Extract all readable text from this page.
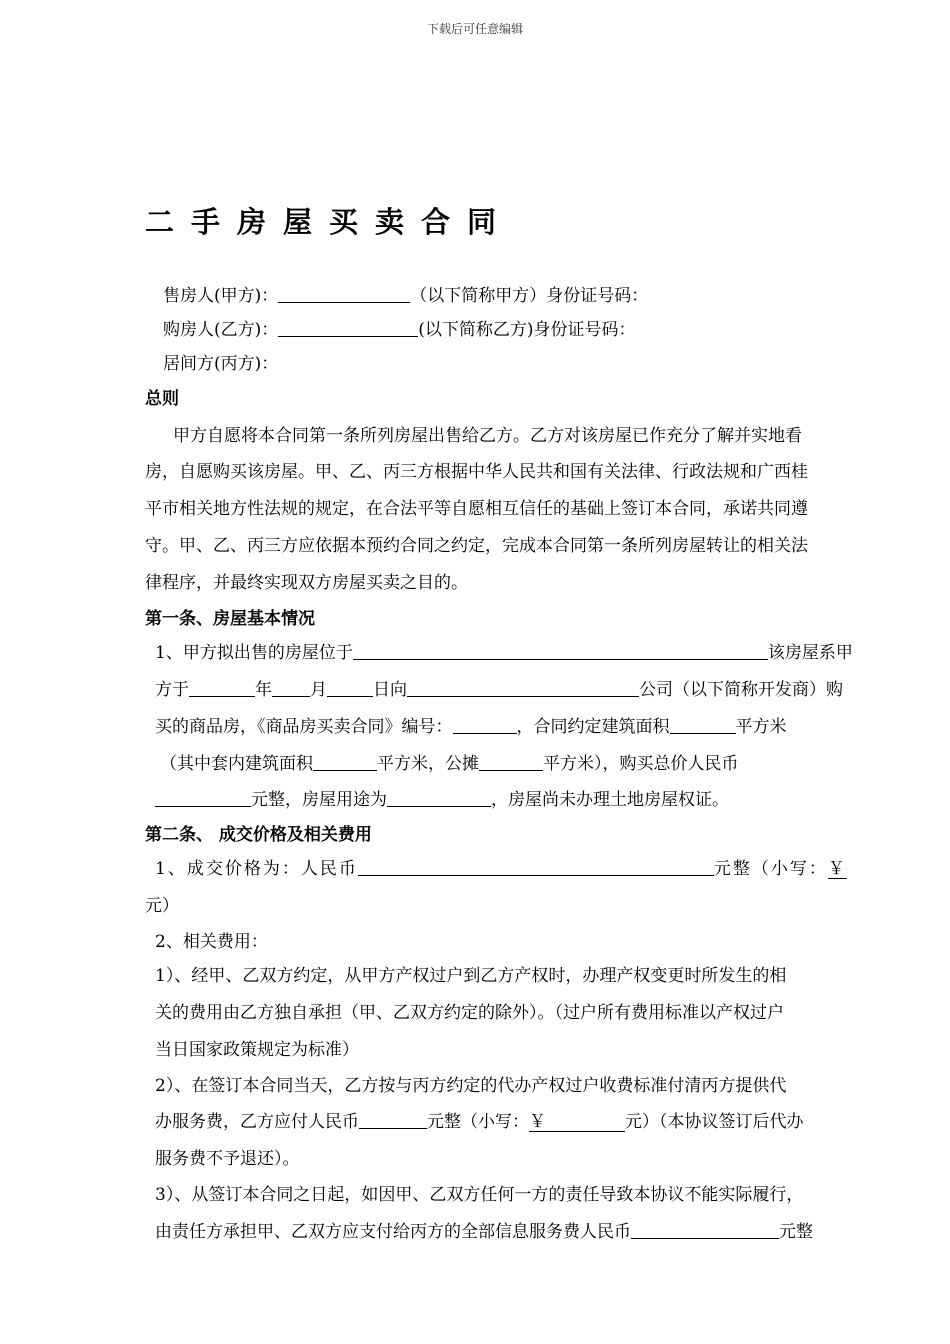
下载后可任意编辑
二手房屋买卖合同
售房人(甲方)：	（以下简称甲方）身份证号码：
购房人(乙方)：	(以下简称乙方)身份证号码：
居间方(丙方)：
总则
甲方自愿将本合同第一条所列房屋出售给乙方。乙方对该房屋已作充分了解并实地看
房，自愿购买该房屋。甲、乙、丙三方根据中华人民共和国有关法律、行政法规和广西桂
平市相关地方性法规的规定，在合法平等自愿相互信任的基础上签订本合同，承诺共同遵
守。甲、乙、丙三方应依据本预约合同之约定，完成本合同第一条所列房屋转让的相关法
律程序，并最终实现双方房屋买卖之目的。
第一条、房屋基本情况
1、甲方拟出售的房屋位于	该房屋系甲
方于	年 月	日向	公司（以下简称开发商）购
买的商品房，《商品房买卖合同》编号：	，合同约定建筑面积	平方米
（其中套内建筑面积	平方米，公摊	平方米），购买总价人民币
元整，房屋用途为	，房屋尚未办理土地房屋权证。
第二条、 成交价格及相关费用
1、成交价格为：人民币	元整（小写：￥
元）
2、相关费用：
1）、经甲、乙双方约定，从甲方产权过户到乙方产权时，办理产权变更时所发生的相
关的费用由乙方独自承担（甲、乙双方约定的除外）。（过户所有费用标准以产权过户
当日国家政策规定为标准）
2）、在签订本合同当天，乙方按与丙方约定的代办产权过户收费标准付清丙方提供代
办服务费，乙方应付人民币	元整（小写：￥	元）（本协议签订后代办
服务费不予退还）。
3）、从签订本合同之日起，如因甲、乙双方任何一方的责任导致本协议不能实际履行，
由责任方承担甲、乙双方应支付给丙方的全部信息服务费人民币	元整
